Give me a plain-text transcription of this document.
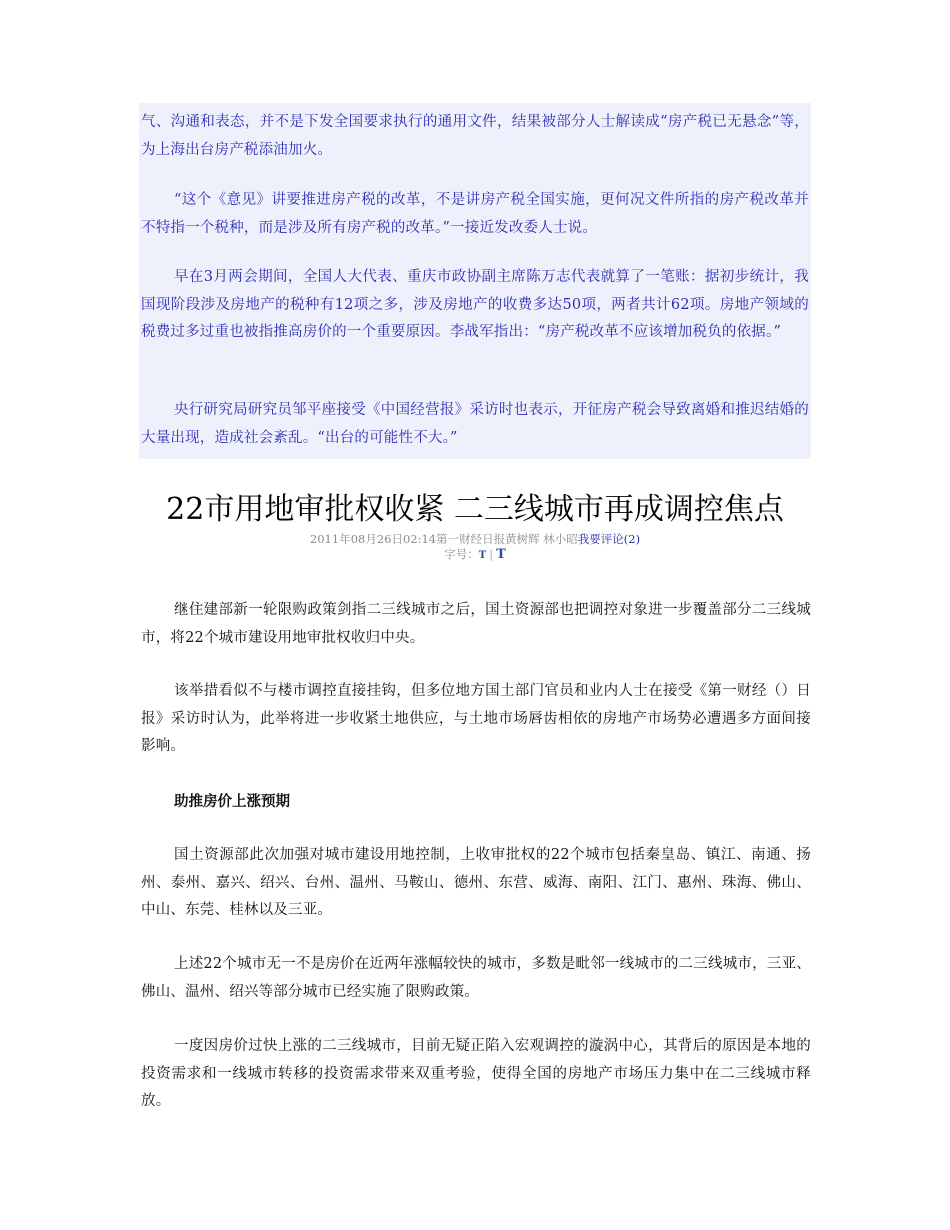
气、沟通和表态，并不是下发全国要求执行的通用文件，结果被部分人士解读成“房产税已无悬念”等，为上海出台房产税添油加火。

“这个《意见》讲要推进房产税的改革，不是讲房产税全国实施，更何况文件所指的房产税改革并不特指一个税种，而是涉及所有房产税的改革。”一接近发改委人士说。

早在3月两会期间，全国人大代表、重庆市政协副主席陈万志代表就算了一笔账：据初步统计，我国现阶段涉及房地产的税种有12项之多，涉及房地产的收费多达50项，两者共计62项。房地产领域的税费过多过重也被指推高房价的一个重要原因。李战军指出：“房产税改革不应该增加税负的依据。”

央行研究局研究员邹平座接受《中国经营报》采访时也表示，开征房产税会导致离婚和推迟结婚的大量出现，造成社会紊乱。“出台的可能性不大。”

22市用地审批权收紧 二三线城市再成调控焦点
2011年08月26日02:14第一财经日报黄树辉 林小昭我要评论(2)
字号：T | T

继住建部新一轮限购政策剑指二三线城市之后，国土资源部也把调控对象进一步覆盖部分二三线城市，将22个城市建设用地审批权收归中央。

该举措看似不与楼市调控直接挂钩，但多位地方国土部门官员和业内人士在接受《第一财经（）日报》采访时认为，此举将进一步收紧土地供应，与土地市场唇齿相依的房地产市场势必遭遇多方面间接影响。

助推房价上涨预期

国土资源部此次加强对城市建设用地控制，上收审批权的22个城市包括秦皇岛、镇江、南通、扬州、泰州、嘉兴、绍兴、台州、温州、马鞍山、德州、东营、威海、南阳、江门、惠州、珠海、佛山、中山、东莞、桂林以及三亚。

上述22个城市无一不是房价在近两年涨幅较快的城市，多数是毗邻一线城市的二三线城市，三亚、佛山、温州、绍兴等部分城市已经实施了限购政策。

一度因房价过快上涨的二三线城市，目前无疑正陷入宏观调控的漩涡中心，其背后的原因是本地的投资需求和一线城市转移的投资需求带来双重考验，使得全国的房地产市场压力集中在二三线城市释放。
